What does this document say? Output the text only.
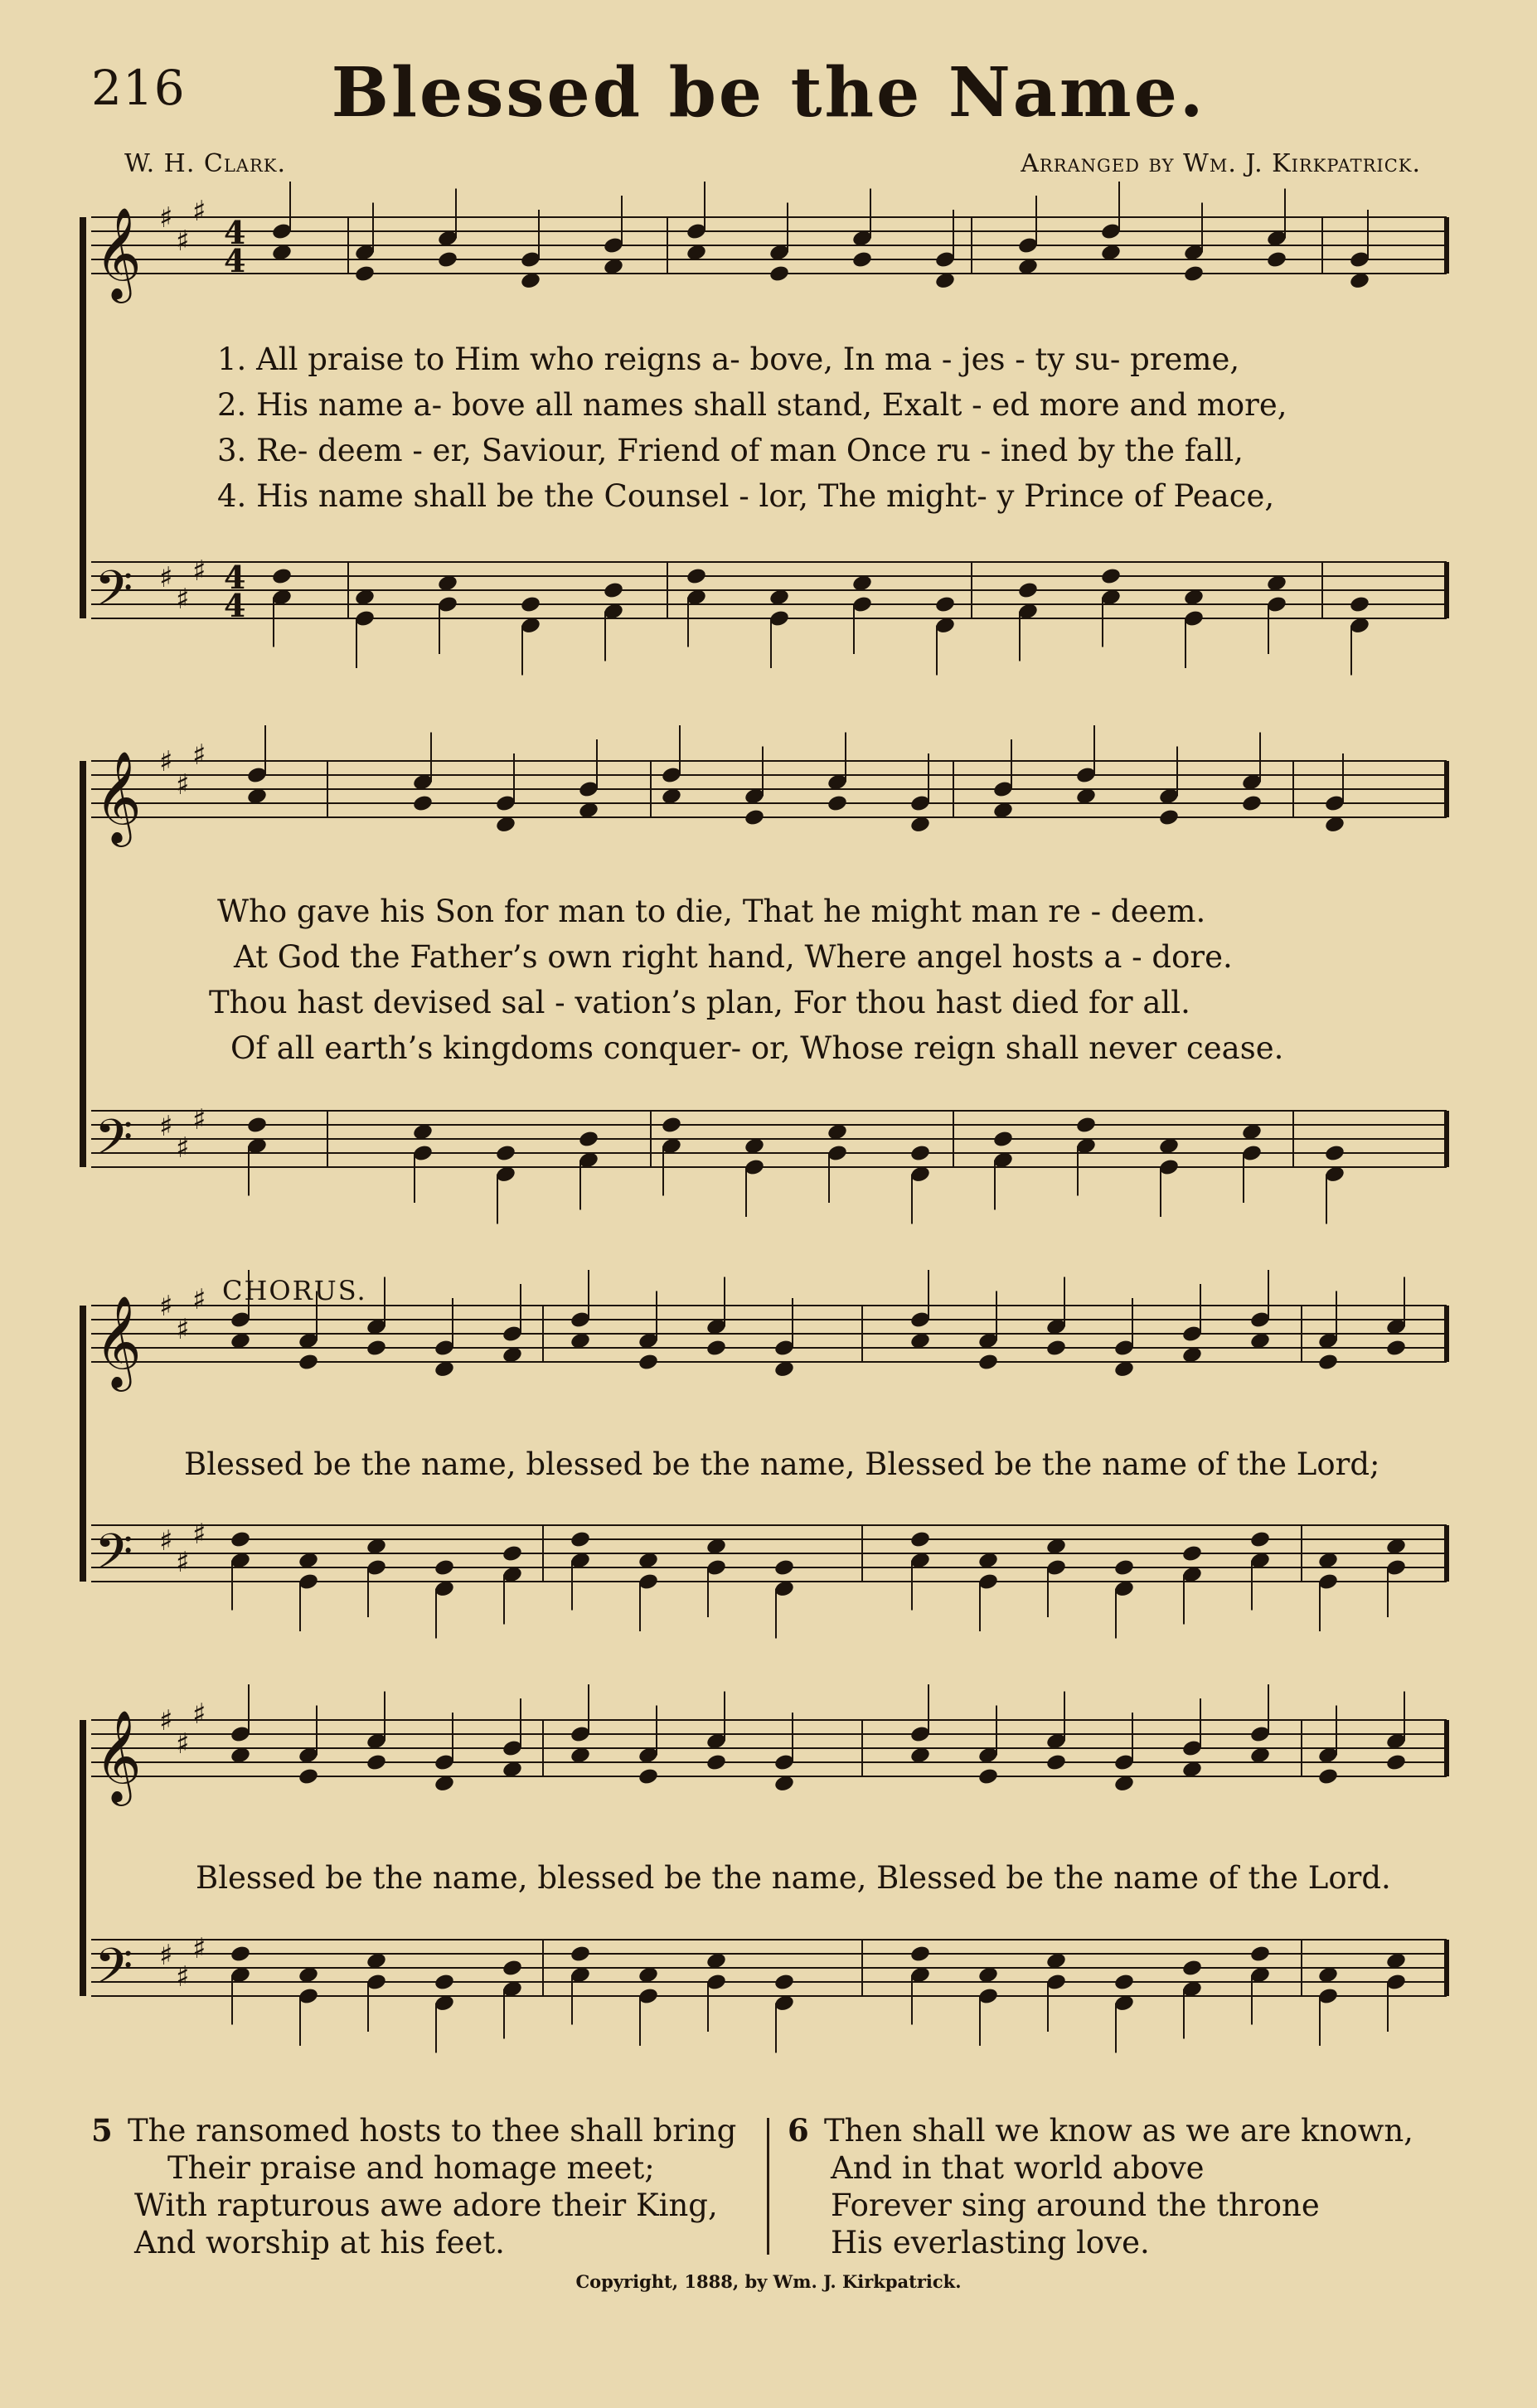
216	Blessed be the Name.
W. H. Clark.	Arranged by Wm. J. Kirkpatrick.
𝄞 ♯
♯
♯
4
4
𝄢 ♯
♯
♯ 4
4
𝄞 ♯
♯
♯
𝄢 ♯
♯
♯
𝄞 ♯
♯
♯
𝄢 ♯
♯
♯
𝄞 ♯
♯
♯
𝄢 ♯
♯
♯
1. All praise to Him who reigns a- bove, In ma - jes - ty su- preme,
2. His name a- bove all names shall stand, Exalt - ed more and more,
3. Re- deem - er, Saviour, Friend of man Once ru - ined by the fall,
4. His name shall be the Counsel - lor, The might- y Prince of Peace,
Who gave his Son for man to die, That he might man re - deem.
At God the Father’s own right hand, Where angel hosts a - dore.
Thou hast devised sal - vation’s plan, For thou hast died for all.
Of all earth’s kingdoms conquer- or, Whose reign shall never cease.
CHORUS.
Blessed be the name, blessed be the name, Blessed be the name of the Lord;
Blessed be the name, blessed be the name, Blessed be the name of the Lord.
5 The ransomed hosts to thee shall bring
Their praise and homage meet;
With rapturous awe adore their King,
And worship at his feet.
6 Then shall we know as we are known,
And in that world above
Forever sing around the throne
His everlasting love.
Copyright, 1888, by Wm. J. Kirkpatrick.
